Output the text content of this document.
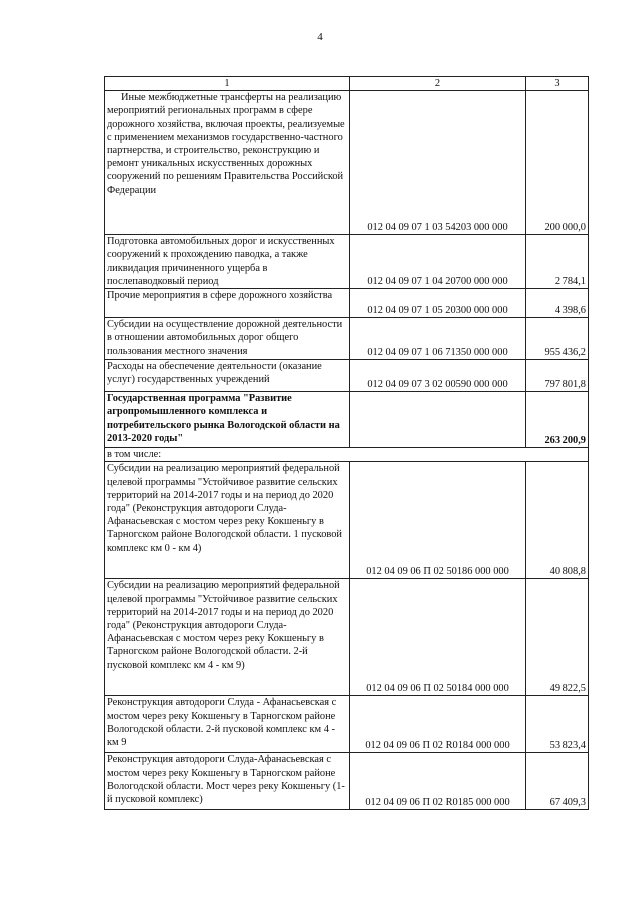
4
1	2	3
Иные межбюджетные трансферты на реализацию мероприятий региональных программ в сфере дорожного хозяйства, включая проекты, реализуемые с применением механизмов государственно-частного партнерства, и строительство, реконструкцию и ремонт уникальных искусственных дорожных сооружений по решениям Правительства Российской Федерации	012 04 09 07 1 03 54203 000 000	200 000,0
Подготовка автомобильных дорог и искусственных сооружений к прохождению паводка, а также ликвидация причиненного ущерба в послепаводковый период	012 04 09 07 1 04 20700 000 000	2 784,1
Прочие мероприятия в сфере дорожного хозяйства	012 04 09 07 1 05 20300 000 000	4 398,6
Субсидии на осуществление дорожной деятельности в отношении автомобильных дорог общего пользования местного значения	012 04 09 07 1 06 71350 000 000	955 436,2
Расходы на обеспечение деятельности (оказание услуг) государственных учреждений	012 04 09 07 3 02 00590 000 000	797 801,8
Государственная программа "Развитие агропромышленного комплекса и потребительского рынка Вологодской области на 2013-2020 годы"		263 200,9
в том числе:		
Субсидии на реализацию мероприятий федеральной целевой программы "Устойчивое развитие сельских территорий на 2014-2017 годы и на период до 2020 года" (Реконструкция автодороги Слуда-Афанасьевская с мостом через реку Кокшеньгу в Тарногском районе Вологодской области. 1 пусковой комплекс км 0 - км 4)	012 04 09 06 П 02 50186 000 000	40 808,8
Субсидии на реализацию мероприятий федеральной целевой программы "Устойчивое развитие сельских территорий на 2014-2017 годы и на период до 2020 года" (Реконструкция автодороги Слуда-Афанасьевская с мостом через реку Кокшеньгу в Тарногском районе Вологодской области. 2-й пусковой комплекс км 4 - км 9)	012 04 09 06 П 02 50184 000 000	49 822,5
Реконструкция автодороги Слуда - Афанасьевская с мостом через реку Кокшеньгу в Тарногском районе Вологодской области. 2-й пусковой комплекс км 4 - км 9	012 04 09 06 П 02 R0184 000 000	53 823,4
Реконструкция автодороги Слуда-Афанасьевская с мостом через реку Кокшеньгу в Тарногском районе Вологодской области. Мост через реку Кокшеньгу (1-й пусковой комплекс)	012 04 09 06 П 02 R0185 000 000	67 409,3
